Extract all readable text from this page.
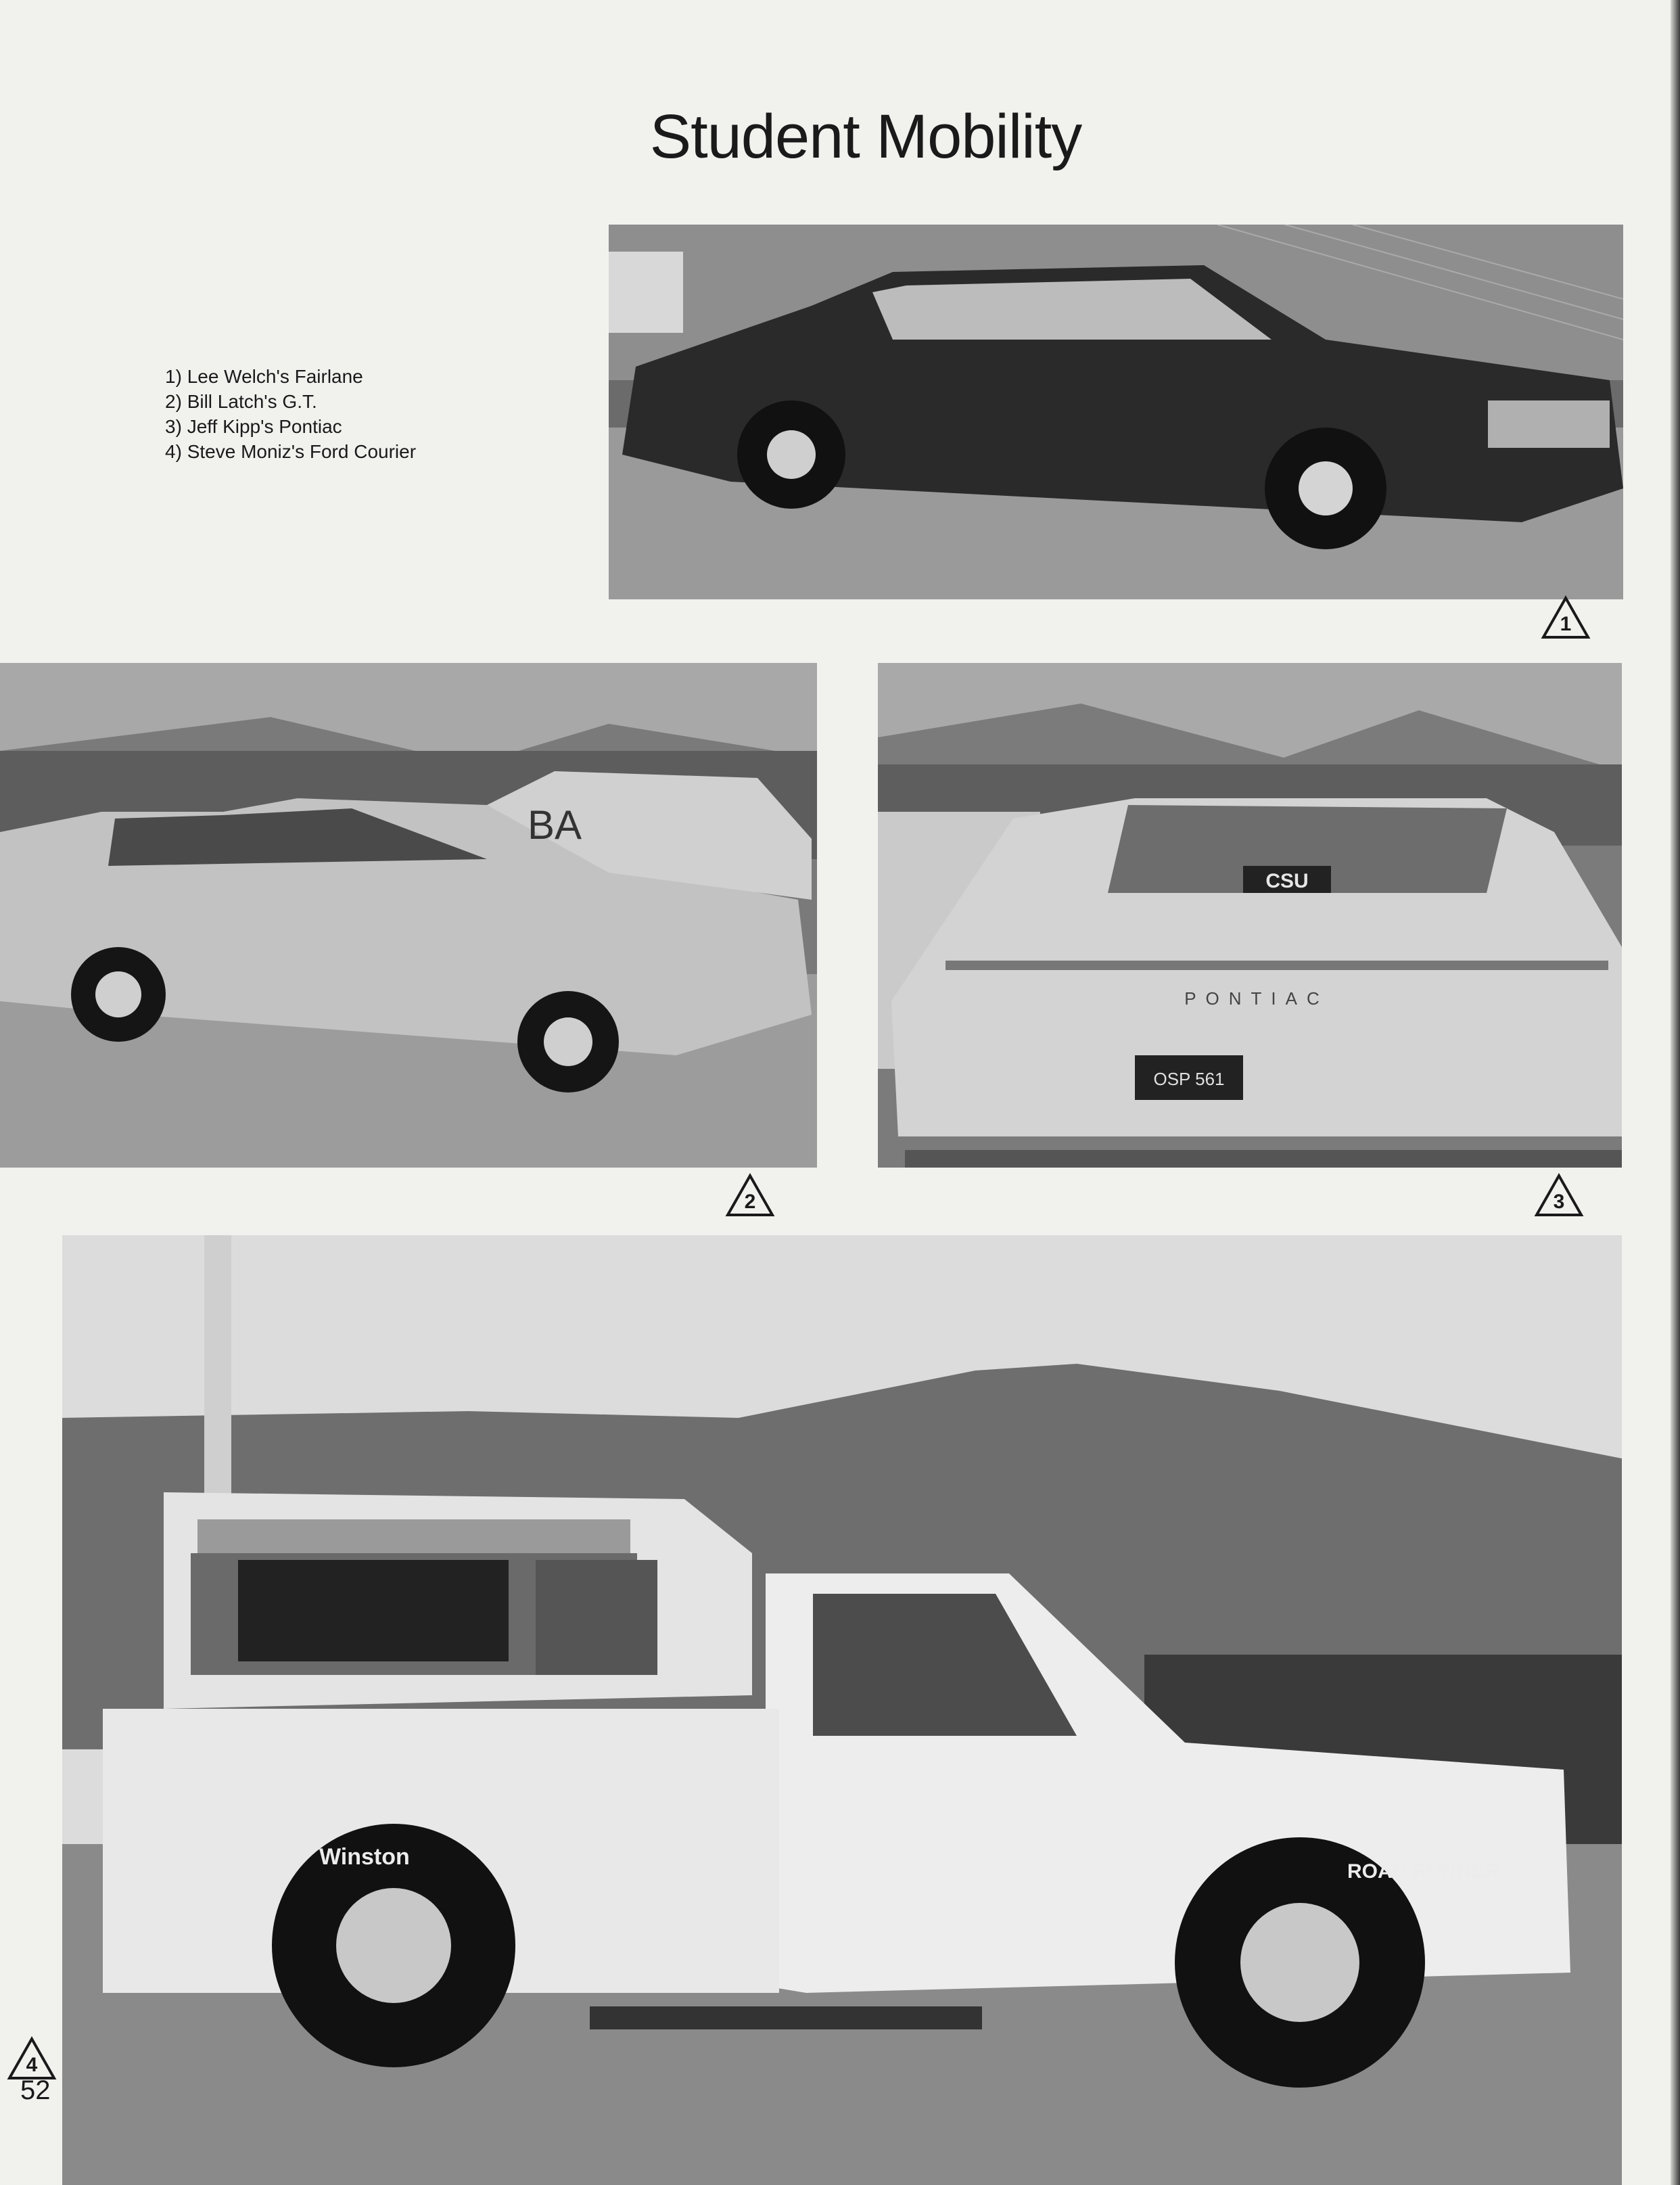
Student Mobility
1) Lee Welch's Fairlane
2) Bill Latch's G.T.
3) Jeff Kipp's Pontiac
4) Steve Moniz's Ford Courier
1
BA
2
PONTIAC
CSU
OSP 561
3
Winston
ROAD RUNNER
4
52
